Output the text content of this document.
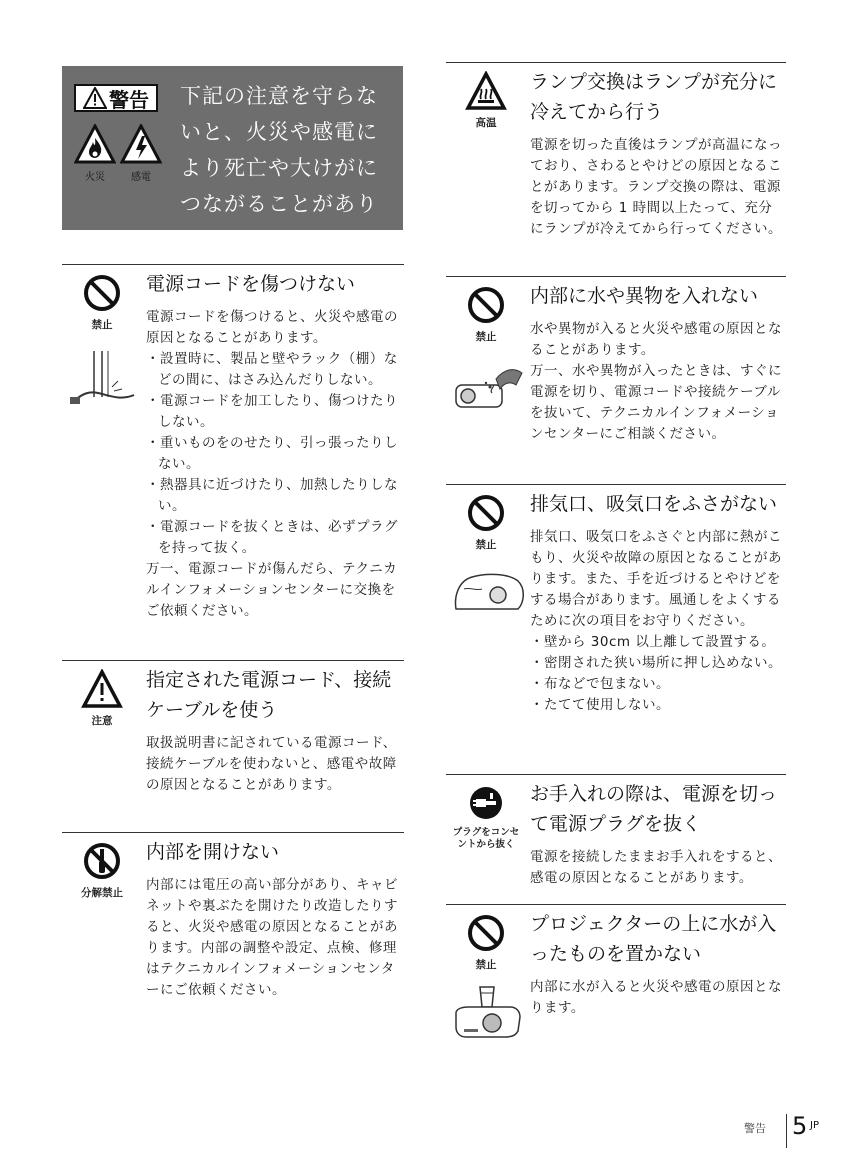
警告
火災	感電
下記の注意を守らないと、火災や感電により死亡や大けがにつながることがあります。
禁止
電源コードを傷つけない

電源コードを傷つけると、火災や感電の原因となることがあります。

・ 設置時に、製品と壁やラック（棚）などの間に、はさみ込んだりしない。
・ 電源コードを加工したり、傷つけたりしない。
・ 重いものをのせたり、引っ張ったりしない。
・ 熱器具に近づけたり、加熱したりしない。
・ 電源コードを抜くときは、必ずプラグを持って抜く。

万一、電源コードが傷んだら、テクニカルインフォメーションセンターに交換をご依頼ください。

注意
指定された電源コード、接続ケーブルを使う

取扱説明書に記されている電源コード、接続ケーブルを使わないと、感電や故障の原因となることがあります。

分解禁止
内部を開けない

内部には電圧の高い部分があり、キャビネットや裏ぶたを開けたり改造したりすると、火災や感電の原因となることがあります。内部の調整や設定、点検、修理はテクニカルインフォメーションセンターにご依頼ください。

高温
ランプ交換はランプが充分に冷えてから行う

電源を切った直後はランプが高温になっており、さわるとやけどの原因となることがあります。ランプ交換の際は、電源を切ってから 1 時間以上たって、充分にランプが冷えてから行ってください。

禁止
内部に水や異物を入れない

水や異物が入ると火災や感電の原因となることがあります。

万一、水や異物が入ったときは、すぐに電源を切り、電源コードや接続ケーブルを抜いて、テクニカルインフォメーションセンターにご相談ください。

禁止
排気口、吸気口をふさがない

排気口、吸気口をふさぐと内部に熱がこもり、火災や故障の原因となることがあります。また、手を近づけるとやけどをする場合があります。風通しをよくするために次の項目をお守りください。

・ 壁から 30cm 以上離して設置する。
・ 密閉された狭い場所に押し込めない。
・ 布などで包まない。
・ たてて使用しない。
プラグをコンセントから抜く
お手入れの際は、電源を切って電源プラグを抜く

電源を接続したままお手入れをすると、感電の原因となることがあります。

禁止
プロジェクターの上に水が入ったものを置かない

内部に水が入ると火災や感電の原因となります。

警告 5 JP
